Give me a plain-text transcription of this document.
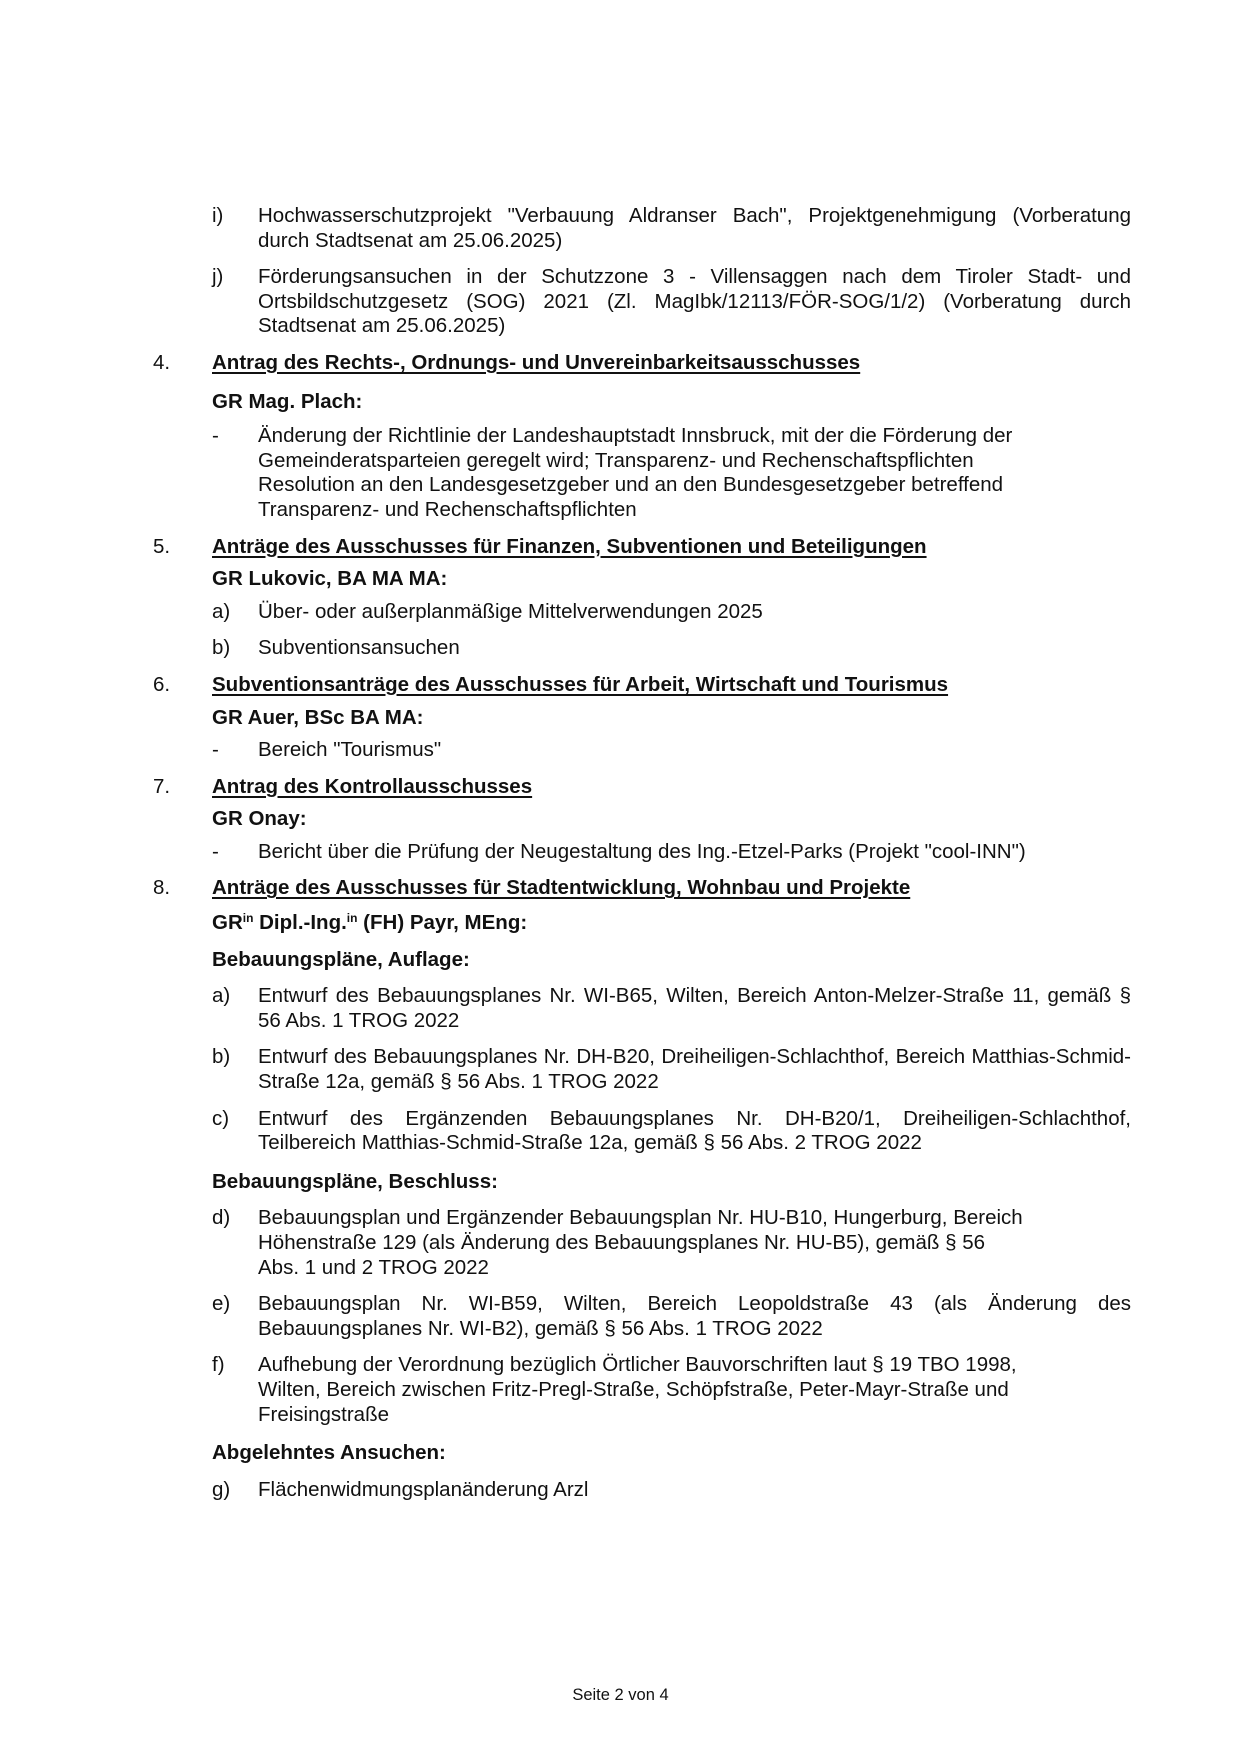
i) Hochwasserschutzprojekt "Verbauung Aldranser Bach", Projektgenehmigung (Vorberatung durch Stadtsenat am 25.06.2025)
j) Förderungsansuchen in der Schutzzone 3 - Villensaggen nach dem Tiroler Stadt- und Ortsbildschutzgesetz (SOG) 2021 (Zl. MagIbk/12113/FÖR-SOG/1/2) (Vorberatung durch Stadtsenat am 25.06.2025)
4. Antrag des Rechts-, Ordnungs- und Unvereinbarkeitsausschusses
GR Mag. Plach:
- Änderung der Richtlinie der Landeshauptstadt Innsbruck, mit der die Förderung der
Gemeinderatsparteien geregelt wird; Transparenz- und Rechenschaftspflichten
Resolution an den Landesgesetzgeber und an den Bundesgesetzgeber betreffend
Transparenz- und Rechenschaftspflichten
5. Anträge des Ausschusses für Finanzen, Subventionen und Beteiligungen
GR Lukovic, BA MA MA:
a) Über- oder außerplanmäßige Mittelverwendungen 2025
b) Subventionsansuchen
6. Subventionsanträge des Ausschusses für Arbeit, Wirtschaft und Tourismus
GR Auer, BSc BA MA:
- Bereich "Tourismus"
7. Antrag des Kontrollausschusses
GR Onay:
- Bericht über die Prüfung der Neugestaltung des Ing.-Etzel-Parks (Projekt "cool-INN")
8. Anträge des Ausschusses für Stadtentwicklung, Wohnbau und Projekte
$GR^{in}$ Dipl.-Ing.$^{in}$ (FH) Payr, MEng:
Bebauungspläne, Auflage:
a) Entwurf des Bebauungsplanes Nr. WI-B65, Wilten, Bereich Anton-Melzer-Straße 11, gemäß § 56 Abs. 1 TROG 2022
b) Entwurf des Bebauungsplanes Nr. DH-B20, Dreiheiligen-Schlachthof, Bereich Matthias-Schmid-Straße 12a, gemäß § 56 Abs. 1 TROG 2022
c) Entwurf des Ergänzenden Bebauungsplanes Nr. DH-B20/1, Dreiheiligen-Schlachthof, Teilbereich Matthias-Schmid-Straße 12a, gemäß § 56 Abs. 2 TROG 2022
Bebauungspläne, Beschluss:
d) Bebauungsplan und Ergänzender Bebauungsplan Nr. HU-B10, Hungerburg, Bereich
Höhenstraße 129 (als Änderung des Bebauungsplanes Nr. HU-B5), gemäß § 56
Abs. 1 und 2 TROG 2022
e) Bebauungsplan Nr. WI-B59, Wilten, Bereich Leopoldstraße 43 (als Änderung des Bebauungsplanes Nr. WI-B2), gemäß § 56 Abs. 1 TROG 2022
f) Aufhebung der Verordnung bezüglich Örtlicher Bauvorschriften laut § 19 TBO 1998,
Wilten, Bereich zwischen Fritz-Pregl-Straße, Schöpfstraße, Peter-Mayr-Straße und
Freisingstraße
Abgelehntes Ansuchen:
g) Flächenwidmungsplanänderung Arzl
Seite 2 von 4
